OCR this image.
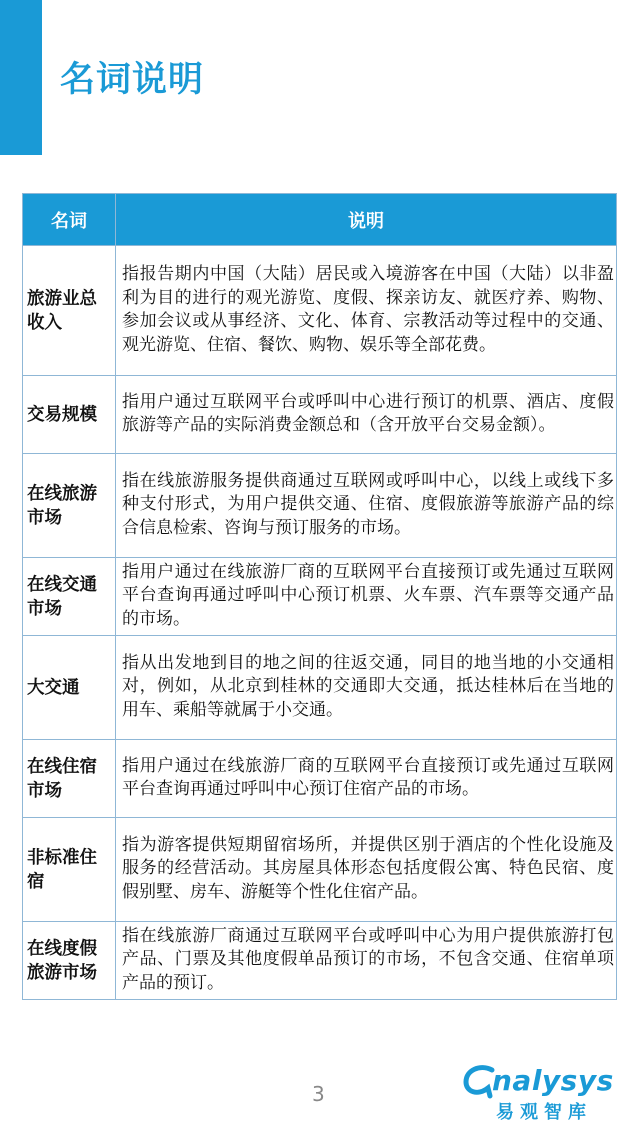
名词说明
名词	说明
旅游业总收入	指报告期内中国（大陆）居民或入境游客在中国（大陆）以非盈利为目的进行的观光游览、度假、探亲访友、就医疗养、购物、参加会议或从事经济、文化、体育、宗教活动等过程中的交通、观光游览、住宿、餐饮、购物、娱乐等全部花费。
交易规模	指用户通过互联网平台或呼叫中心进行预订的机票、酒店、度假旅游等产品的实际消费金额总和（含开放平台交易金额）。
在线旅游市场	指在线旅游服务提供商通过互联网或呼叫中心，以线上或线下多种支付形式，为用户提供交通、住宿、度假旅游等旅游产品的综合信息检索、咨询与预订服务的市场。
在线交通市场	指用户通过在线旅游厂商的互联网平台直接预订或先通过互联网平台查询再通过呼叫中心预订机票、火车票、汽车票等交通产品的市场。
大交通	指从出发地到目的地之间的往返交通，同目的地当地的小交通相对，例如，从北京到桂林的交通即大交通，抵达桂林后在当地的用车、乘船等就属于小交通。
在线住宿市场	指用户通过在线旅游厂商的互联网平台直接预订或先通过互联网平台查询再通过呼叫中心预订住宿产品的市场。
非标准住宿	指为游客提供短期留宿场所，并提供区别于酒店的个性化设施及服务的经营活动。其房屋具体形态包括度假公寓、特色民宿、度假别墅、房车、游艇等个性化住宿产品。
在线度假旅游市场	指在线旅游厂商通过互联网平台或呼叫中心为用户提供旅游打包产品、门票及其他度假单品预订的市场，不包含交通、住宿单项产品的预订。
3	nalysys
易观智库
